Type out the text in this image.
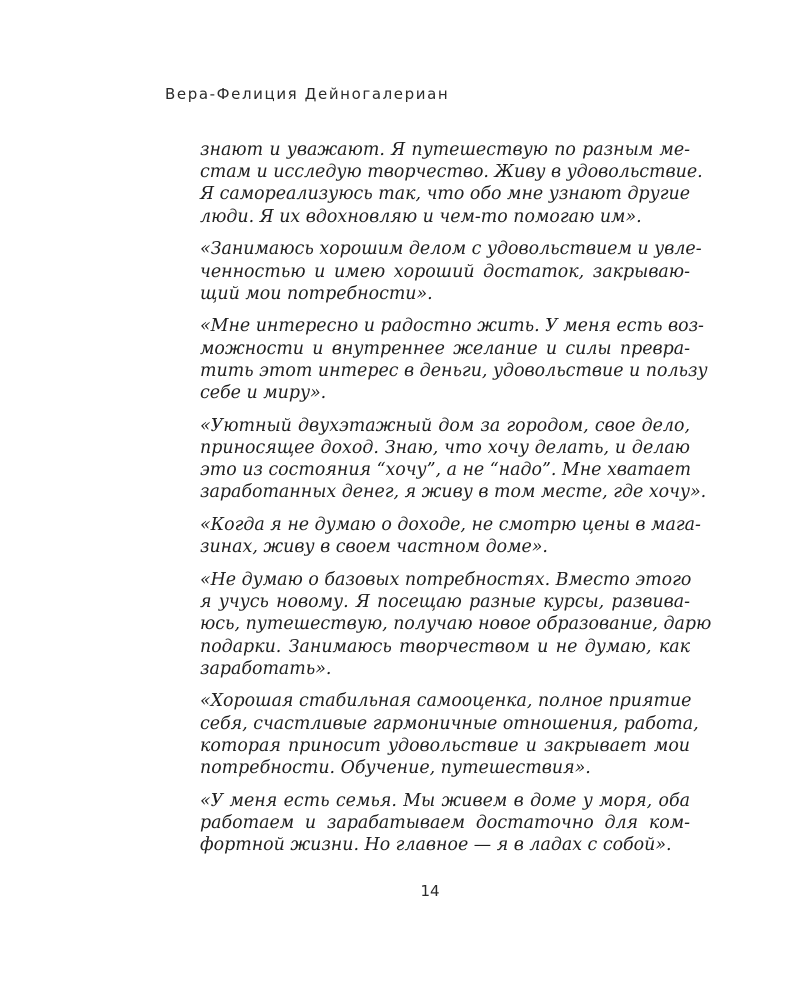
Вера-Фелиция Дейногалериан

знают и уважают. Я путешествую по разным ме-
стам и исследую творчество. Живу в удовольствие.
Я самореализуюсь так, что обо мне узнают другие
люди. Я их вдохновляю и чем-то помогаю им».

«Занимаюсь хорошим делом с удовольствием и увле-
ченностью и имею хороший достаток, закрываю-
щий мои потребности».

«Мне интересно и радостно жить. У меня есть воз-
можности и внутреннее желание и силы превра-
тить этот интерес в деньги, удовольствие и пользу
себе и миру».

«Уютный двухэтажный дом за городом, свое дело,
приносящее доход. Знаю, что хочу делать, и делаю
это из состояния “хочу”, а не “надо”. Мне хватает
заработанных денег, я живу в том месте, где хочу».

«Когда я не думаю о доходе, не смотрю цены в мага-
зинах, живу в своем частном доме».

«Не думаю о базовых потребностях. Вместо этого
я учусь новому. Я посещаю разные курсы, развива-
юсь, путешествую, получаю новое образование, дарю
подарки. Занимаюсь творчеством и не думаю, как
заработать».

«Хорошая стабильная самооценка, полное приятие
себя, счастливые гармоничные отношения, работа,
которая приносит удовольствие и закрывает мои
потребности. Обучение, путешествия».

«У меня есть семья. Мы живем в доме у моря, оба
работаем и зарабатываем достаточно для ком-
фортной жизни. Но главное — я в ладах с собой».

14
